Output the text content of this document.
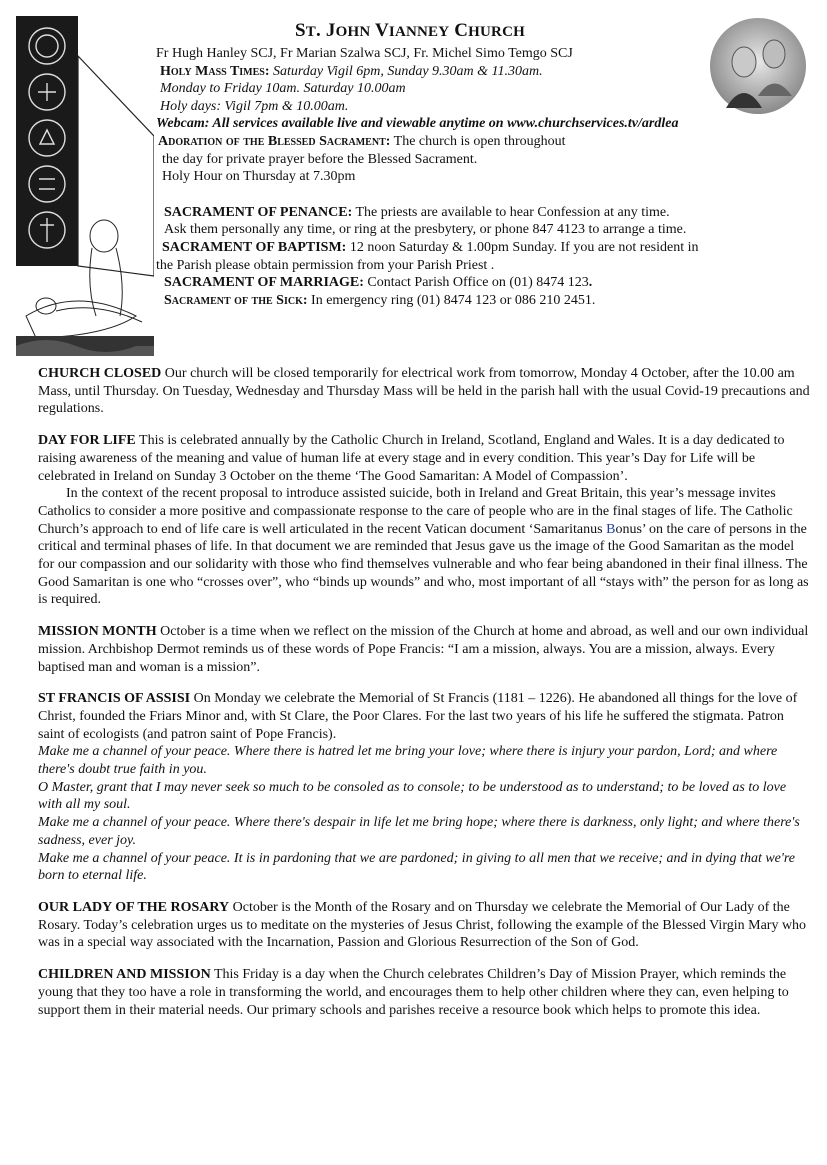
ST. JOHN VIANNEY CHURCH

Fr Hugh Hanley SCJ, Fr Marian Szalwa SCJ, Fr. Michel Simo Temgo SCJ

Holy Mass Times: Saturday Vigil 6pm, Sunday 9.30am & 11.30am.

Monday to Friday 10am. Saturday 10.00am

Holy days: Vigil 7pm & 10.00am.

Webcam: All services available live and viewable anytime on www.churchservices.tv/ardlea

Adoration of the Blessed Sacrament: The church is open throughout

the day for private prayer before the Blessed Sacrament.

Holy Hour on Thursday at 7.30pm

SACRAMENT OF PENANCE: The priests are available to hear Confession at any time.

Ask them personally any time, or ring at the presbytery, or phone 847 4123 to arrange a time.

SACRAMENT OF BAPTISM: 12 noon Saturday & 1.00pm Sunday. If you are not resident in

the Parish please obtain permission from your Parish Priest .

SACRAMENT OF MARRIAGE: Contact Parish Office on (01) 8474 123.

Sacrament of the Sick: In emergency ring (01) 8474 123 or 086 210 2451.

CHURCH CLOSED Our church will be closed temporarily for electrical work from tomorrow, Monday 4 October, after the 10.00 am Mass, until Thursday. On Tuesday, Wednesday and Thursday Mass will be held in the parish hall with the usual Covid-19 precautions and regulations.

DAY FOR LIFE This is celebrated annually by the Catholic Church in Ireland, Scotland, England and Wales. It is a day dedicated to raising awareness of the meaning and value of human life at every stage and in every condition. This year’s Day for Life will be celebrated in Ireland on Sunday 3 October on the theme ‘The Good Samaritan: A Model of Compassion’.

In the context of the recent proposal to introduce assisted suicide, both in Ireland and Great Britain, this year’s message invites Catholics to consider a more positive and compassionate response to the care of people who are in the final stages of life. The Catholic Church’s approach to end of life care is well articulated in the recent Vatican document ‘Samaritanus Bonus’ on the care of persons in the critical and terminal phases of life. In that document we are reminded that Jesus gave us the image of the Good Samaritan as the model for our compassion and our solidarity with those who find themselves vulnerable and who fear being abandoned in their final illness. The Good Samaritan is one who “crosses over”, who “binds up wounds” and who, most important of all “stays with” the person for as long as is required.

MISSION MONTH October is a time when we reflect on the mission of the Church at home and abroad, as well and our own individual mission. Archbishop Dermot reminds us of these words of Pope Francis: “I am a mission, always. You are a mission, always. Every baptised man and woman is a mission”.

ST FRANCIS OF ASSISI On Monday we celebrate the Memorial of St Francis (1181 – 1226). He abandoned all things for the love of Christ, founded the Friars Minor and, with St Clare, the Poor Clares. For the last two years of his life he suffered the stigmata. Patron saint of ecologists (and patron saint of Pope Francis).

Make me a channel of your peace. Where there is hatred let me bring your love; where there is injury your pardon, Lord; and where there's doubt true faith in you.

O Master, grant that I may never seek so much to be consoled as to console; to be understood as to understand; to be loved as to love with all my soul.

Make me a channel of your peace. Where there's despair in life let me bring hope; where there is darkness, only light; and where there's sadness, ever joy.

Make me a channel of your peace. It is in pardoning that we are pardoned; in giving to all men that we receive; and in dying that we're born to eternal life.

OUR LADY OF THE ROSARY October is the Month of the Rosary and on Thursday we celebrate the Memorial of Our Lady of the Rosary. Today’s celebration urges us to meditate on the mysteries of Jesus Christ, following the example of the Blessed Virgin Mary who was in a special way associated with the Incarnation, Passion and Glorious Resurrection of the Son of God.

CHILDREN AND MISSION This Friday is a day when the Church celebrates Children’s Day of Mission Prayer, which reminds the young that they too have a role in transforming the world, and encourages them to help other children where they can, even helping to support them in their material needs. Our primary schools and parishes receive a resource book which helps to promote this idea.
